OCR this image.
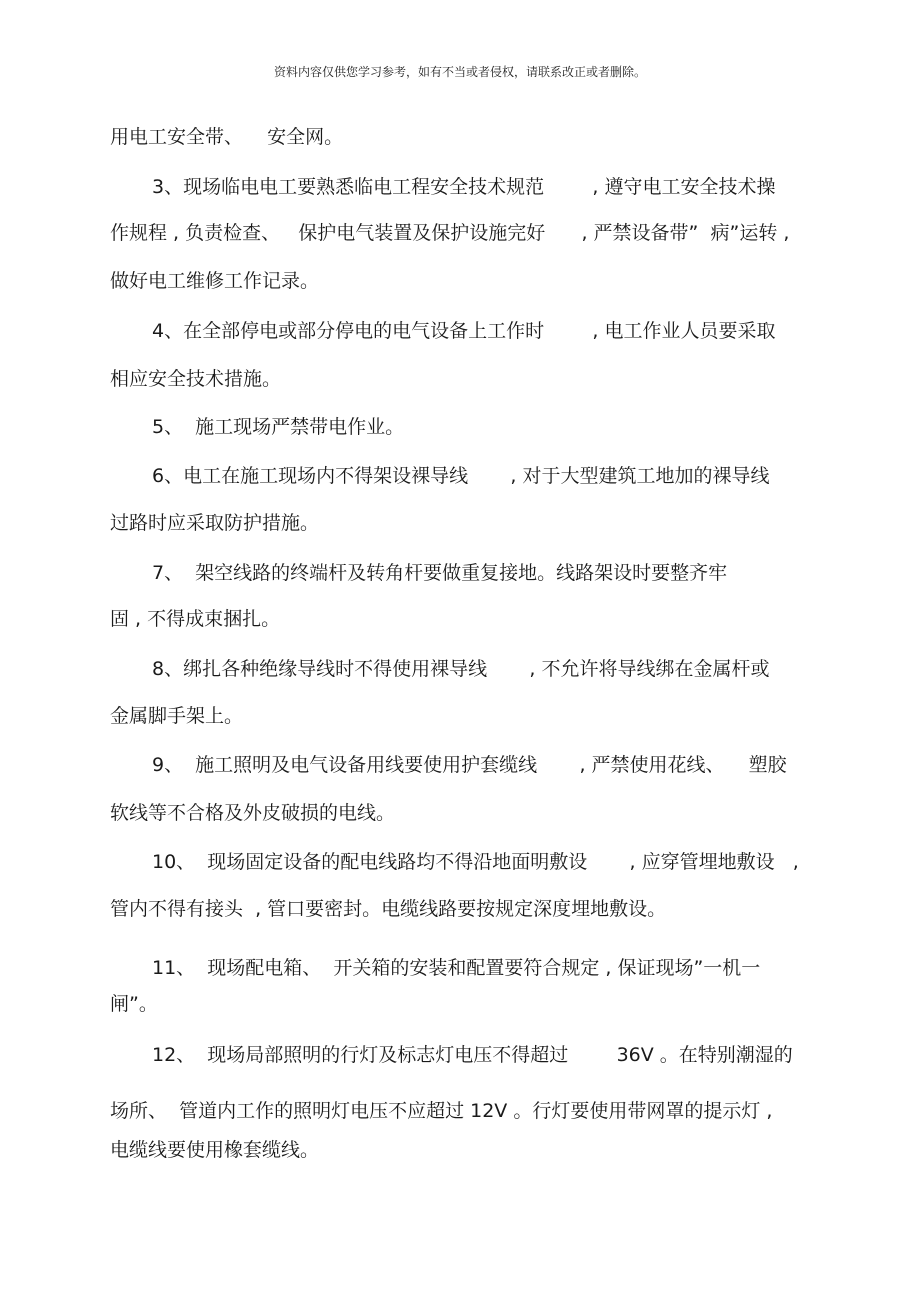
资料内容仅供您学习参考，如有不当或者侵权，请联系改正或者删除。
用电工安全带、    安全网。
3、现场临电电工要熟悉临电工程安全技术规范        , 遵守电工安全技术操
作规程 , 负责检查、   保护电气装置及保护设施完好      , 严禁设备带”  病”运转 ,
做好电工维修工作记录。
4、在全部停电或部分停电的电气设备上工作时        , 电工作业人员要采取
相应安全技术措施。
5、  施工现场严禁带电作业。
6、电工在施工现场内不得架设裸导线       , 对于大型建筑工地加的裸导线
过路时应采取防护措施。
7、  架空线路的终端杆及转角杆要做重复接地。线路架设时要整齐牢
固 , 不得成束捆扎。
8、绑扎各种绝缘导线时不得使用裸导线       , 不允许将导线绑在金属杆或
金属脚手架上。
9、  施工照明及电气设备用线要使用护套缆线       , 严禁使用花线、    塑胶
软线等不合格及外皮破损的电线。
10、  现场固定设备的配电线路均不得沿地面明敷设       , 应穿管埋地敷设   ,
管内不得有接头  , 管口要密封。电缆线路要按规定深度埋地敷设。
11、  现场配电箱、  开关箱的安装和配置要符合规定 , 保证现场”一机一
闸”。
12、  现场局部照明的行灯及标志灯电压不得超过        36V 。在特别潮湿的
场所、  管道内工作的照明灯电压不应超过 12V 。行灯要使用带网罩的提示灯 ,
电缆线要使用橡套缆线。
